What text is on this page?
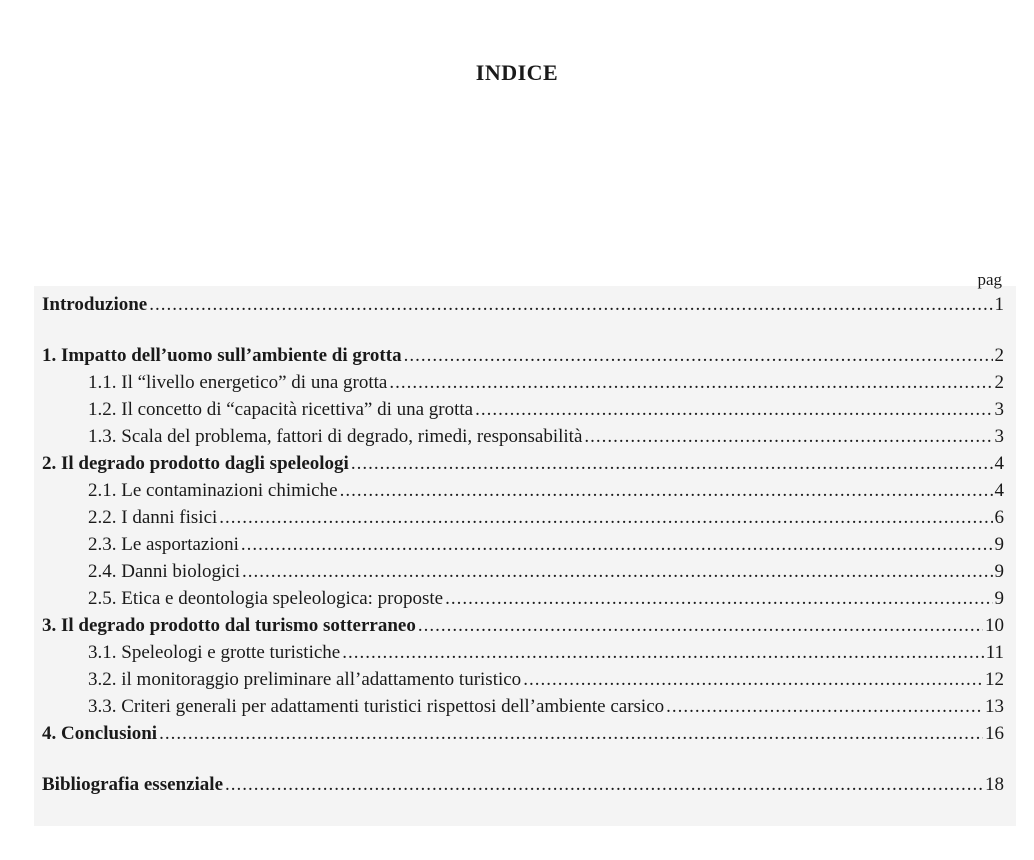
INDICE
pag
Introduzione .....	1
1. Impatto dell’uomo sull’ambiente di grotta .....	2
1.1. Il “livello energetico” di una grotta .....	2
1.2. Il concetto di “capacità ricettiva” di una grotta .....	3
1.3. Scala del problema, fattori di degrado, rimedi, responsabilità .....	3
2. Il degrado prodotto dagli speleologi .....	4
2.1. Le contaminazioni chimiche .....	4
2.2. I danni fisici .....	6
2.3. Le asportazioni .....	9
2.4. Danni biologici .....	9
2.5. Etica e deontologia speleologica: proposte .....	9
3. Il degrado prodotto dal turismo sotterraneo .....	10
3.1. Speleologi e grotte turistiche .....	11
3.2. il monitoraggio preliminare all’adattamento turistico .....	12
3.3. Criteri generali per adattamenti turistici rispettosi dell’ambiente carsico .....	13
4. Conclusioni .....	16
Bibliografia essenziale .....	18
